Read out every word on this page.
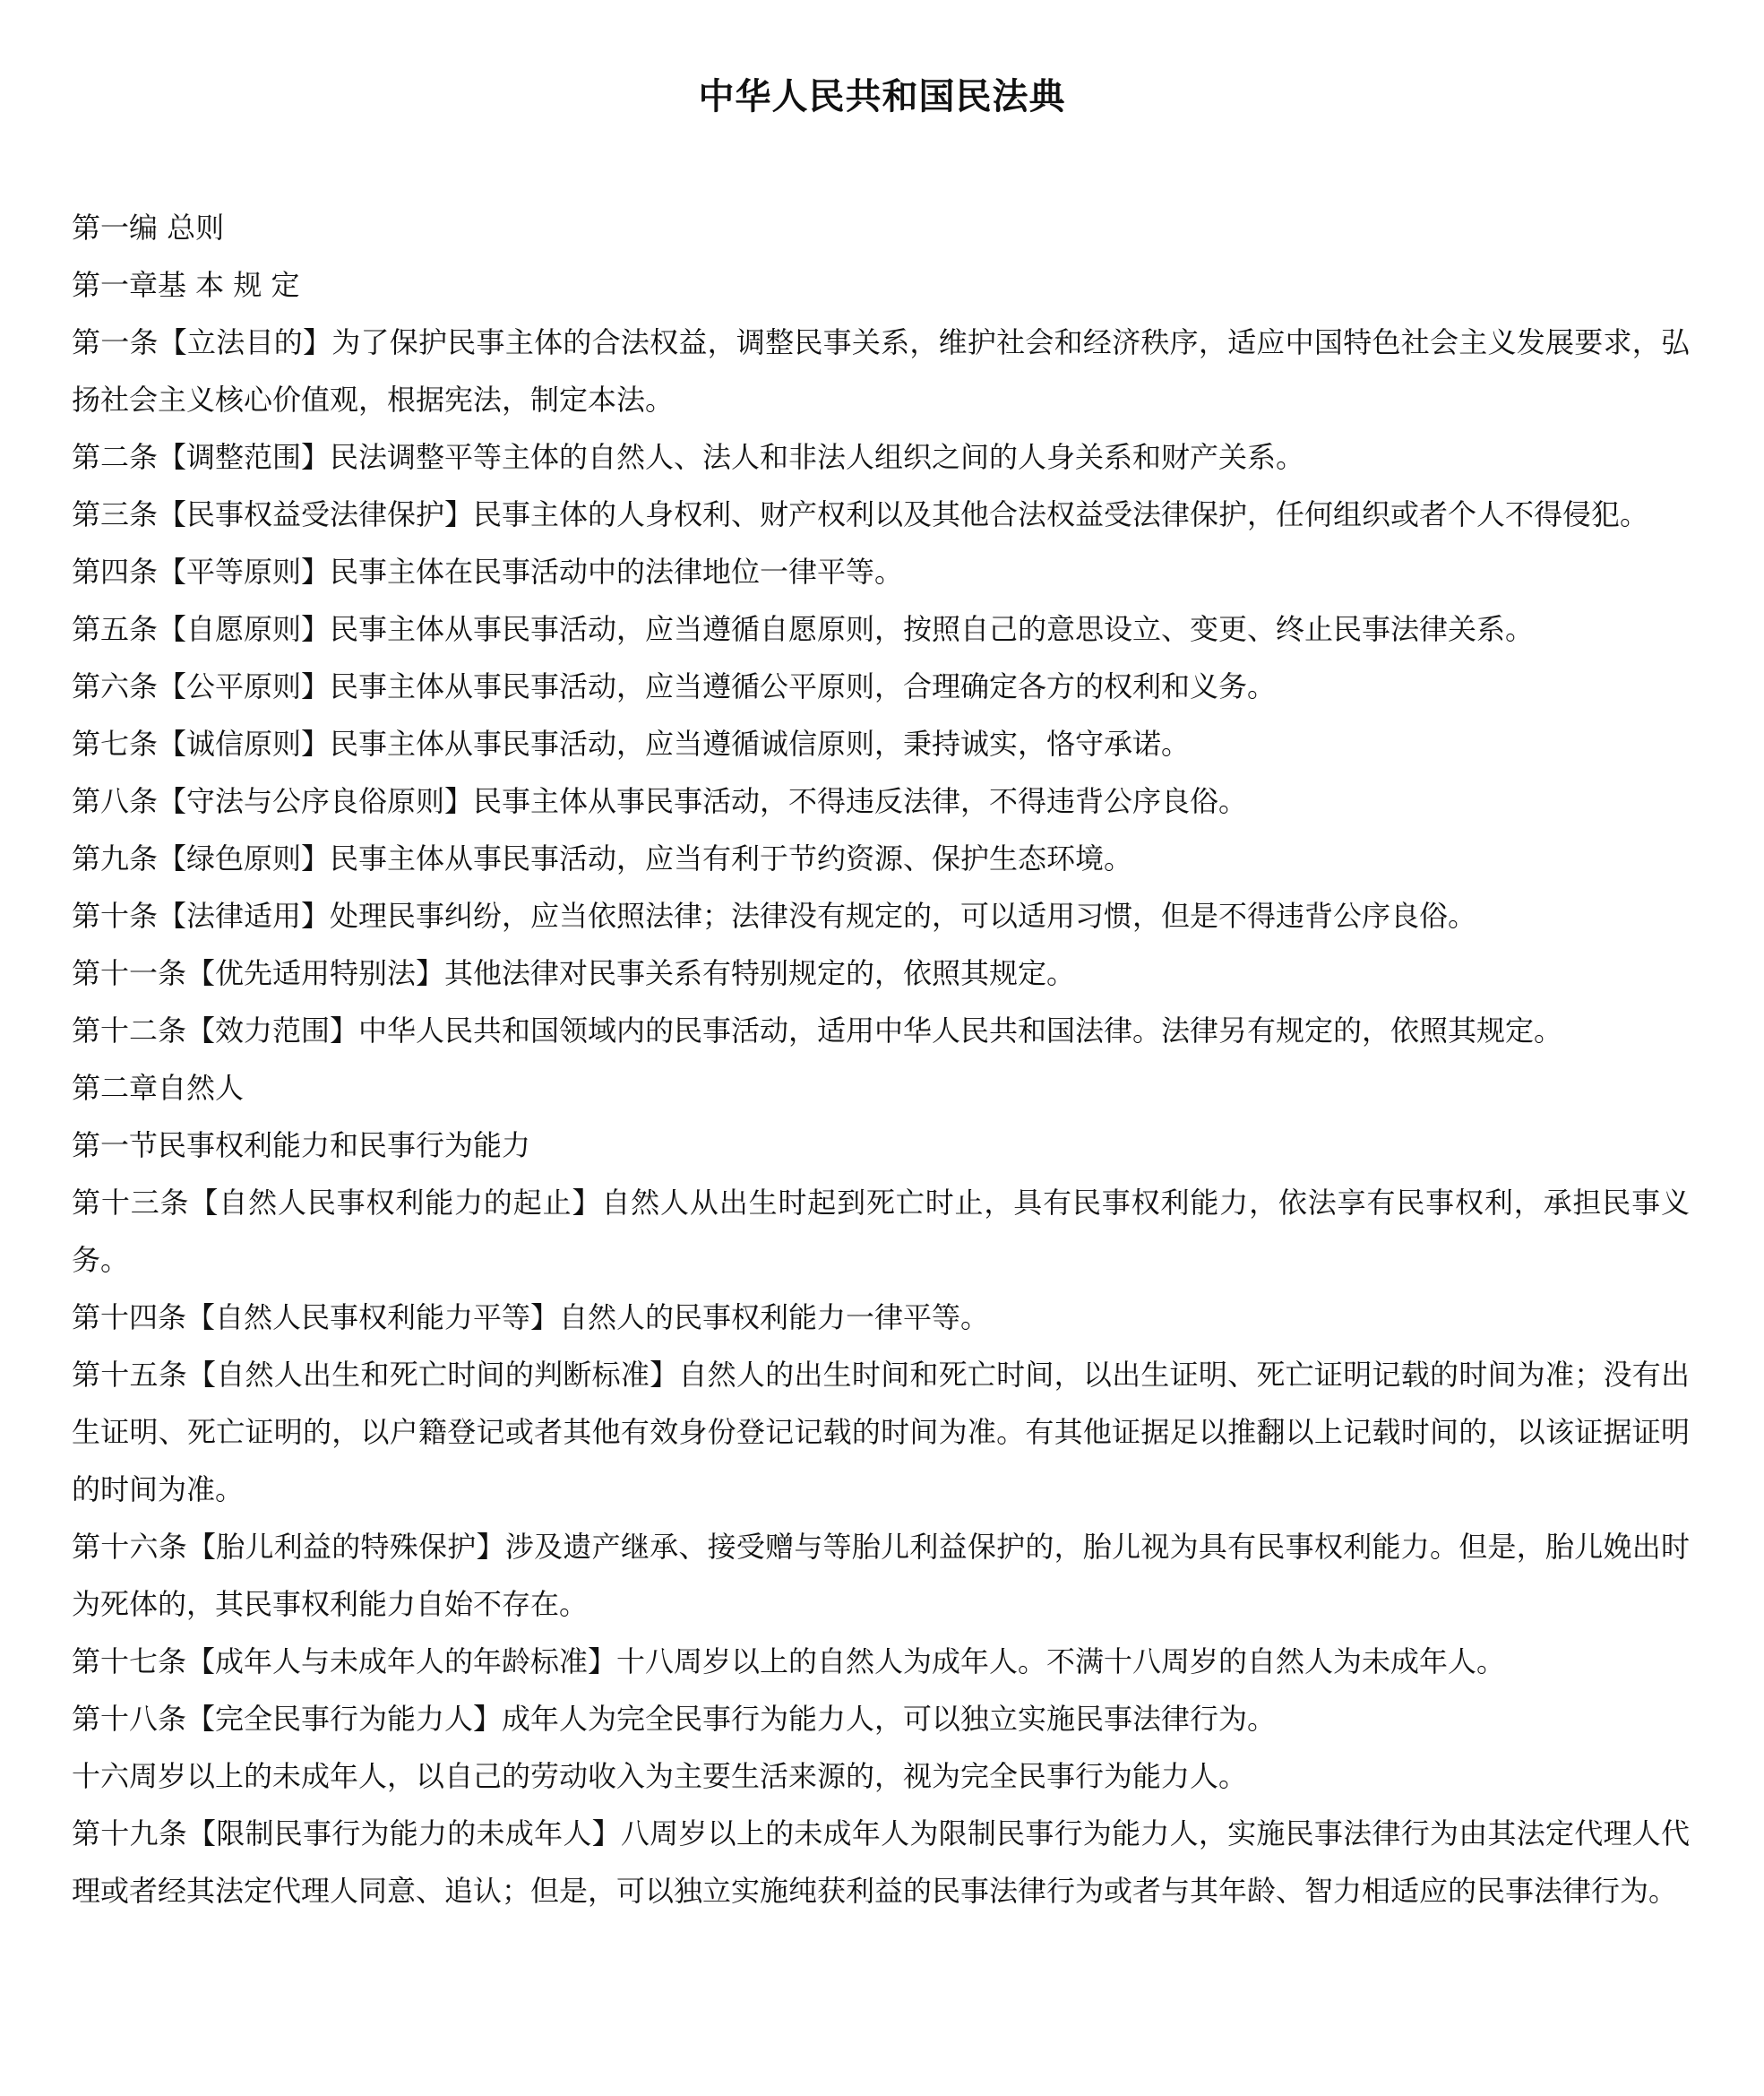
中华人民共和国民法典

第一编 总则

第一章基 本 规 定

第一条【立法目的】为了保护民事主体的合法权益，调整民事关系，维护社会和经济秩序，适应中国特色社会主义发展要求，弘扬社会主义核心价值观，根据宪法，制定本法。

第二条【调整范围】民法调整平等主体的自然人、法人和非法人组织之间的人身关系和财产关系。

第三条【民事权益受法律保护】民事主体的人身权利、财产权利以及其他合法权益受法律保护，任何组织或者个人不得侵犯。

第四条【平等原则】民事主体在民事活动中的法律地位一律平等。

第五条【自愿原则】民事主体从事民事活动，应当遵循自愿原则，按照自己的意思设立、变更、终止民事法律关系。

第六条【公平原则】民事主体从事民事活动，应当遵循公平原则，合理确定各方的权利和义务。

第七条【诚信原则】民事主体从事民事活动，应当遵循诚信原则，秉持诚实，恪守承诺。

第八条【守法与公序良俗原则】民事主体从事民事活动，不得违反法律，不得违背公序良俗。

第九条【绿色原则】民事主体从事民事活动，应当有利于节约资源、保护生态环境。

第十条【法律适用】处理民事纠纷，应当依照法律；法律没有规定的，可以适用习惯，但是不得违背公序良俗。

第十一条【优先适用特别法】其他法律对民事关系有特别规定的，依照其规定。

第十二条【效力范围】中华人民共和国领域内的民事活动，适用中华人民共和国法律。法律另有规定的，依照其规定。

第二章自然人

第一节民事权利能力和民事行为能力

第十三条【自然人民事权利能力的起止】自然人从出生时起到死亡时止，具有民事权利能力，依法享有民事权利，承担民事义务。

第十四条【自然人民事权利能力平等】自然人的民事权利能力一律平等。

第十五条【自然人出生和死亡时间的判断标准】自然人的出生时间和死亡时间，以出生证明、死亡证明记载的时间为准；没有出生证明、死亡证明的，以户籍登记或者其他有效身份登记记载的时间为准。有其他证据足以推翻以上记载时间的，以该证据证明的时间为准。

第十六条【胎儿利益的特殊保护】涉及遗产继承、接受赠与等胎儿利益保护的，胎儿视为具有民事权利能力。但是，胎儿娩出时为死体的，其民事权利能力自始不存在。

第十七条【成年人与未成年人的年龄标准】十八周岁以上的自然人为成年人。不满十八周岁的自然人为未成年人。

第十八条【完全民事行为能力人】成年人为完全民事行为能力人，可以独立实施民事法律行为。

十六周岁以上的未成年人，以自己的劳动收入为主要生活来源的，视为完全民事行为能力人。

第十九条【限制民事行为能力的未成年人】八周岁以上的未成年人为限制民事行为能力人，实施民事法律行为由其法定代理人代理或者经其法定代理人同意、追认；但是，可以独立实施纯获利益的民事法律行为或者与其年龄、智力相适应的民事法律行为。
